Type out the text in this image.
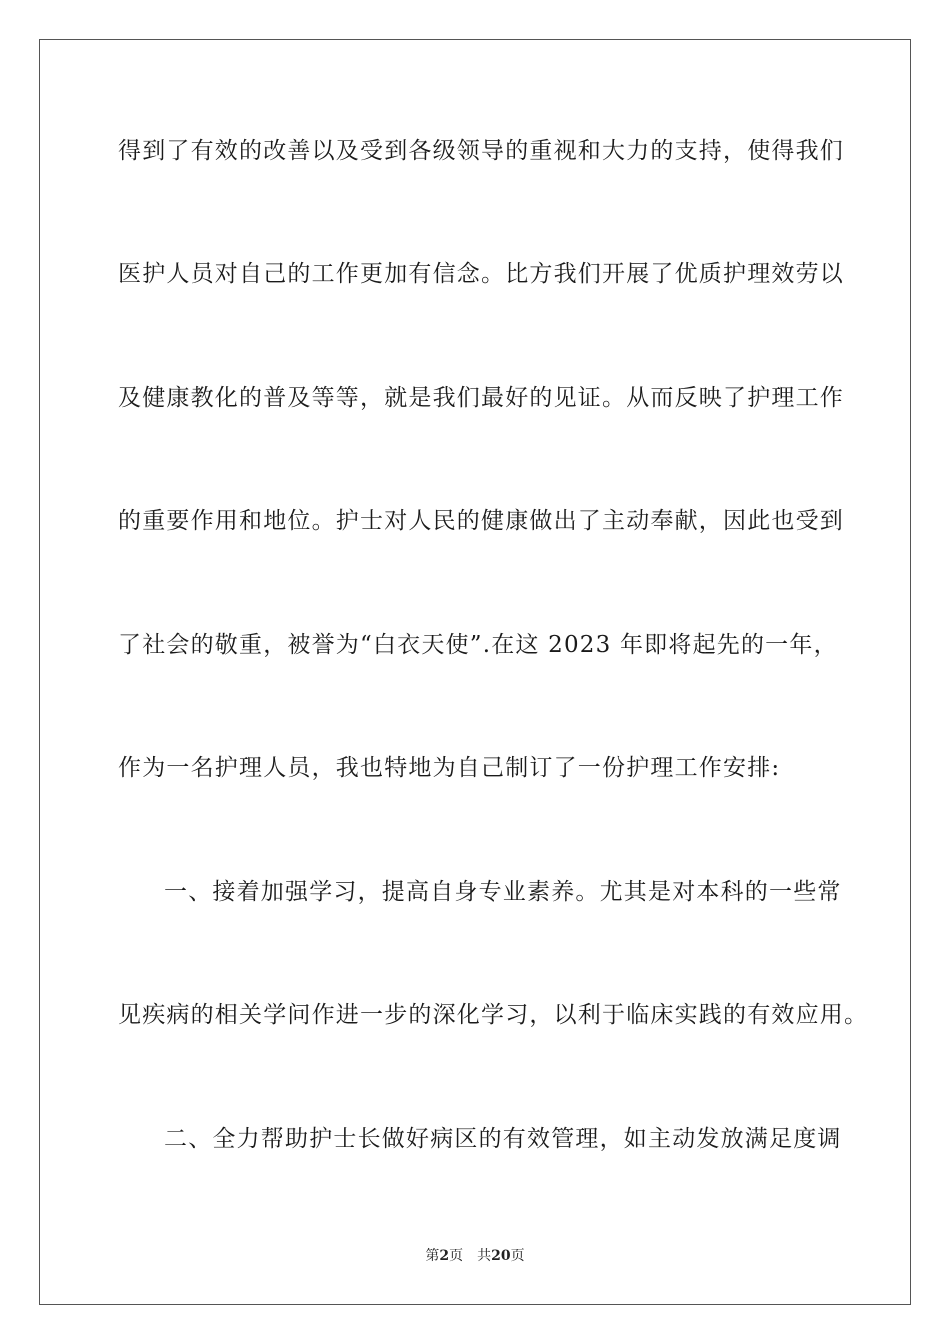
得到了有效的改善以及受到各级领导的重视和大力的支持，使得我们
医护人员对自己的工作更加有信念。比方我们开展了优质护理效劳以
及健康教化的普及等等，就是我们最好的见证。从而反映了护理工作
的重要作用和地位。护士对人民的健康做出了主动奉献，因此也受到
了社会的敬重，被誉为“白衣天使”.在这 2023 年即将起先的一年，
作为一名护理人员，我也特地为自己制订了一份护理工作安排:
一、接着加强学习，提高自身专业素养。尤其是对本科的一些常
见疾病的相关学问作进一步的深化学习，以利于临床实践的有效应用。
二、全力帮助护士长做好病区的有效管理，如主动发放满足度调
第2页 共20页
